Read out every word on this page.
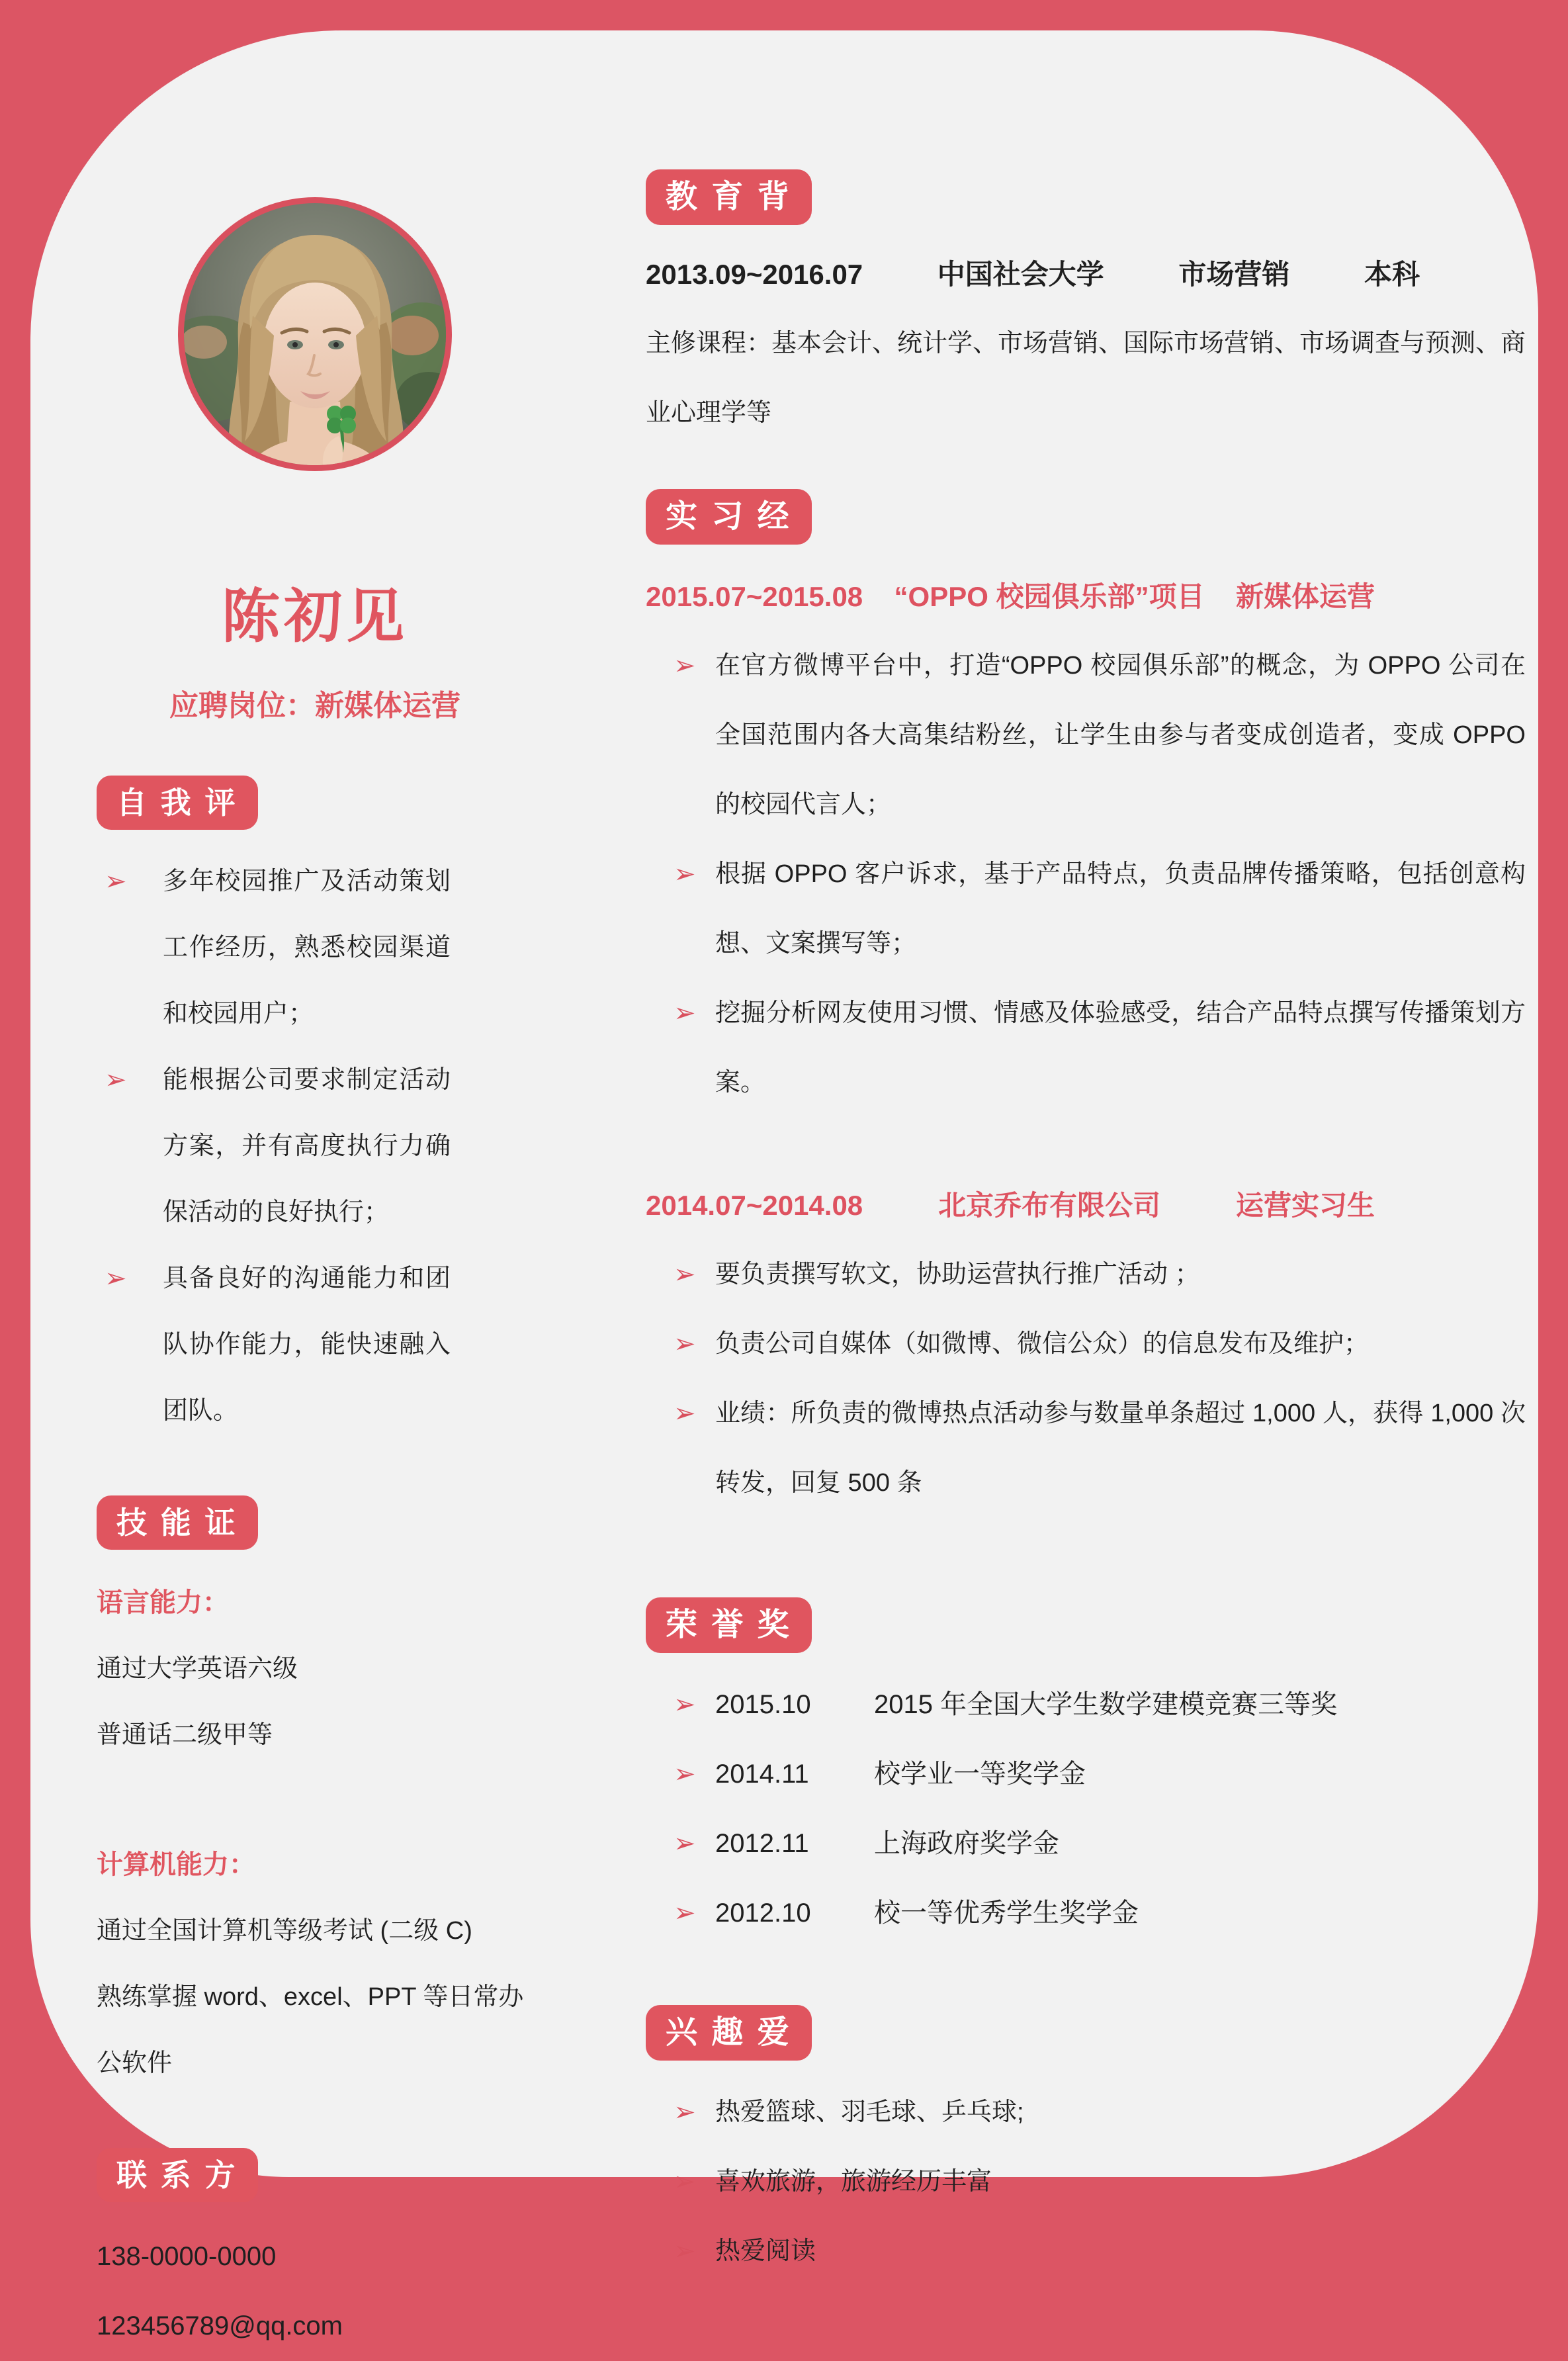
陈初见
应聘岗位：新媒体运营
自 我 评
➢	多年校园推广及活动策划工作经历，熟悉校园渠道和校园用户；
➢	能根据公司要求制定活动方案，并有高度执行力确保活动的良好执行；
➢	具备良好的沟通能力和团队协作能力，能快速融入团队。
技 能 证
语言能力：
通过大学英语六级
普通话二级甲等
计算机能力：
通过全国计算机等级考试 (二级 C)
熟练掌握 word、excel、PPT 等日常办公软件
联 系 方
138-0000-0000
123456789@qq.com
教 育 背
2013.09~2016.07	中国社会大学	市场营销	本科
主修课程：基本会计、统计学、市场营销、国际市场营销、市场调查与预测、商业心理学等
实 习 经
2015.07~2015.08 “OPPO 校园俱乐部”项目 新媒体运营
➢ 在官方微博平台中，打造“OPPO 校园俱乐部”的概念，为 OPPO 公司在全国范围内各大高集结粉丝，让学生由参与者变成创造者，变成 OPPO 的校园代言人；
➢ 根据 OPPO 客户诉求，基于产品特点，负责品牌传播策略，包括创意构想、文案撰写等；
➢ 挖掘分析网友使用习惯、情感及体验感受，结合产品特点撰写传播策划方案。
2014.07~2014.08	北京乔布有限公司	运营实习生
➢ 要负责撰写软文，协助运营执行推广活动 ；
➢ 负责公司自媒体（如微博、微信公众）的信息发布及维护；
➢ 业绩：所负责的微博热点活动参与数量单条超过 1,000 人，获得 1,000 次转发，回复 500 条
荣 誉 奖
➢ 2015.10	2015 年全国大学生数学建模竞赛三等奖
➢ 2014.11	校学业一等奖学金
➢ 2012.11	上海政府奖学金
➢ 2012.10	校一等优秀学生奖学金
兴 趣 爱
➢ 热爱篮球、羽毛球、乒乓球;
➢ 喜欢旅游，旅游经历丰富
➢ 热爱阅读
